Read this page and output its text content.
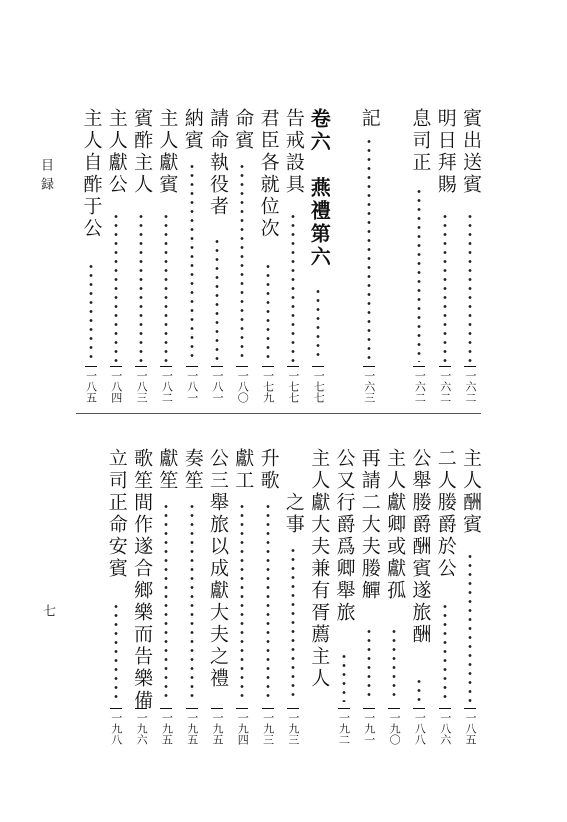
目録
七
賓出送賓
一六二
明日拜賜
一六二
息司正
一六二
記
一六三
卷六　燕禮第六
一七七
告戒設具
一七七
君臣各就位次
一七九
命賓
一八〇
請命執役者
一八一
納賓
一八一
主人獻賓
一八二
賓酢主人
一八三
主人獻公
一八四
主人自酢于公
一八五
主人酬賓
一八五
二人媵爵於公
一八六
公舉媵爵酬賓遂旅酬
一八八
主人獻卿或獻孤
一九〇
再請二大夫媵觶
一九一
公又行爵爲卿舉旅
一九二
主人獻大夫兼有胥薦主人
之事
一九三
升歌
一九三
獻工
一九四
公三舉旅以成獻大夫之禮
一九五
奏笙
一九五
獻笙
一九五
歌笙間作遂合鄉樂而告樂備
一九六
立司正命安賓
一九八
